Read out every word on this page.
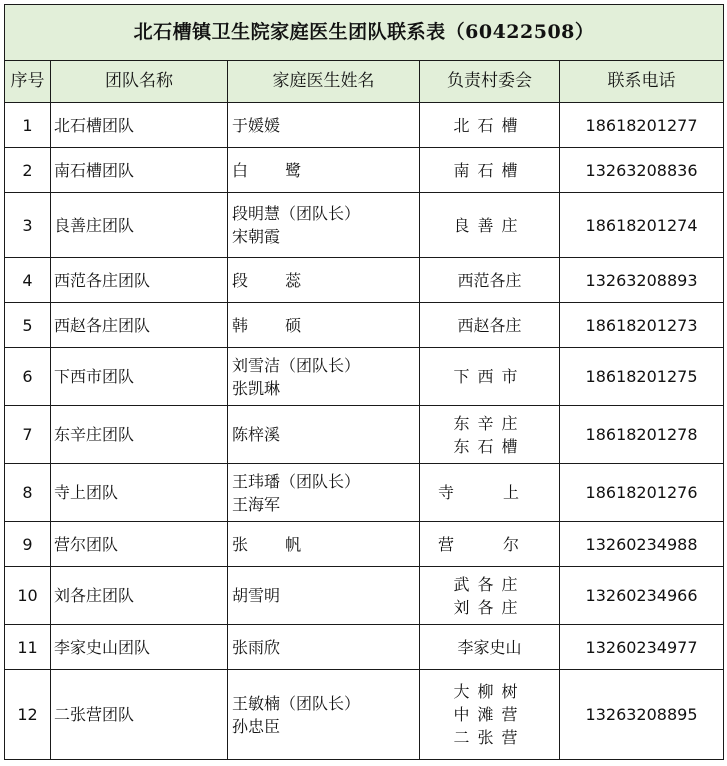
北石槽镇卫生院家庭医生团队联系表（60422508）				
序号	团队名称	家庭医生姓名	负责村委会	联系电话
1	北石槽团队	于媛媛	北石槽	18618201277
2	南石槽团队	白 鹭	南石槽	13263208836
3	良善庄团队	段明慧（团队长）
宋朝霞	良善庄	18618201274
4	西范各庄团队	段 蕊	西范各庄	13263208893
5	西赵各庄团队	韩 硕	西赵各庄	18618201273
6	下西市团队	刘雪洁（团队长）
张凯琳	下西市	18618201275
7	东辛庄团队	陈梓溪	东辛庄
东石槽	18618201278
8	寺上团队	王玮璠（团队长）
王海军	寺 上	18618201276
9	营尔团队	张 帆	营 尔	13260234988
10	刘各庄团队	胡雪明	武各庄
刘各庄	13260234966
11	李家史山团队	张雨欣	李家史山	13260234977
12	二张营团队	王敏楠（团队长）
孙忠臣	大柳树
中滩营
二张营	13263208895
